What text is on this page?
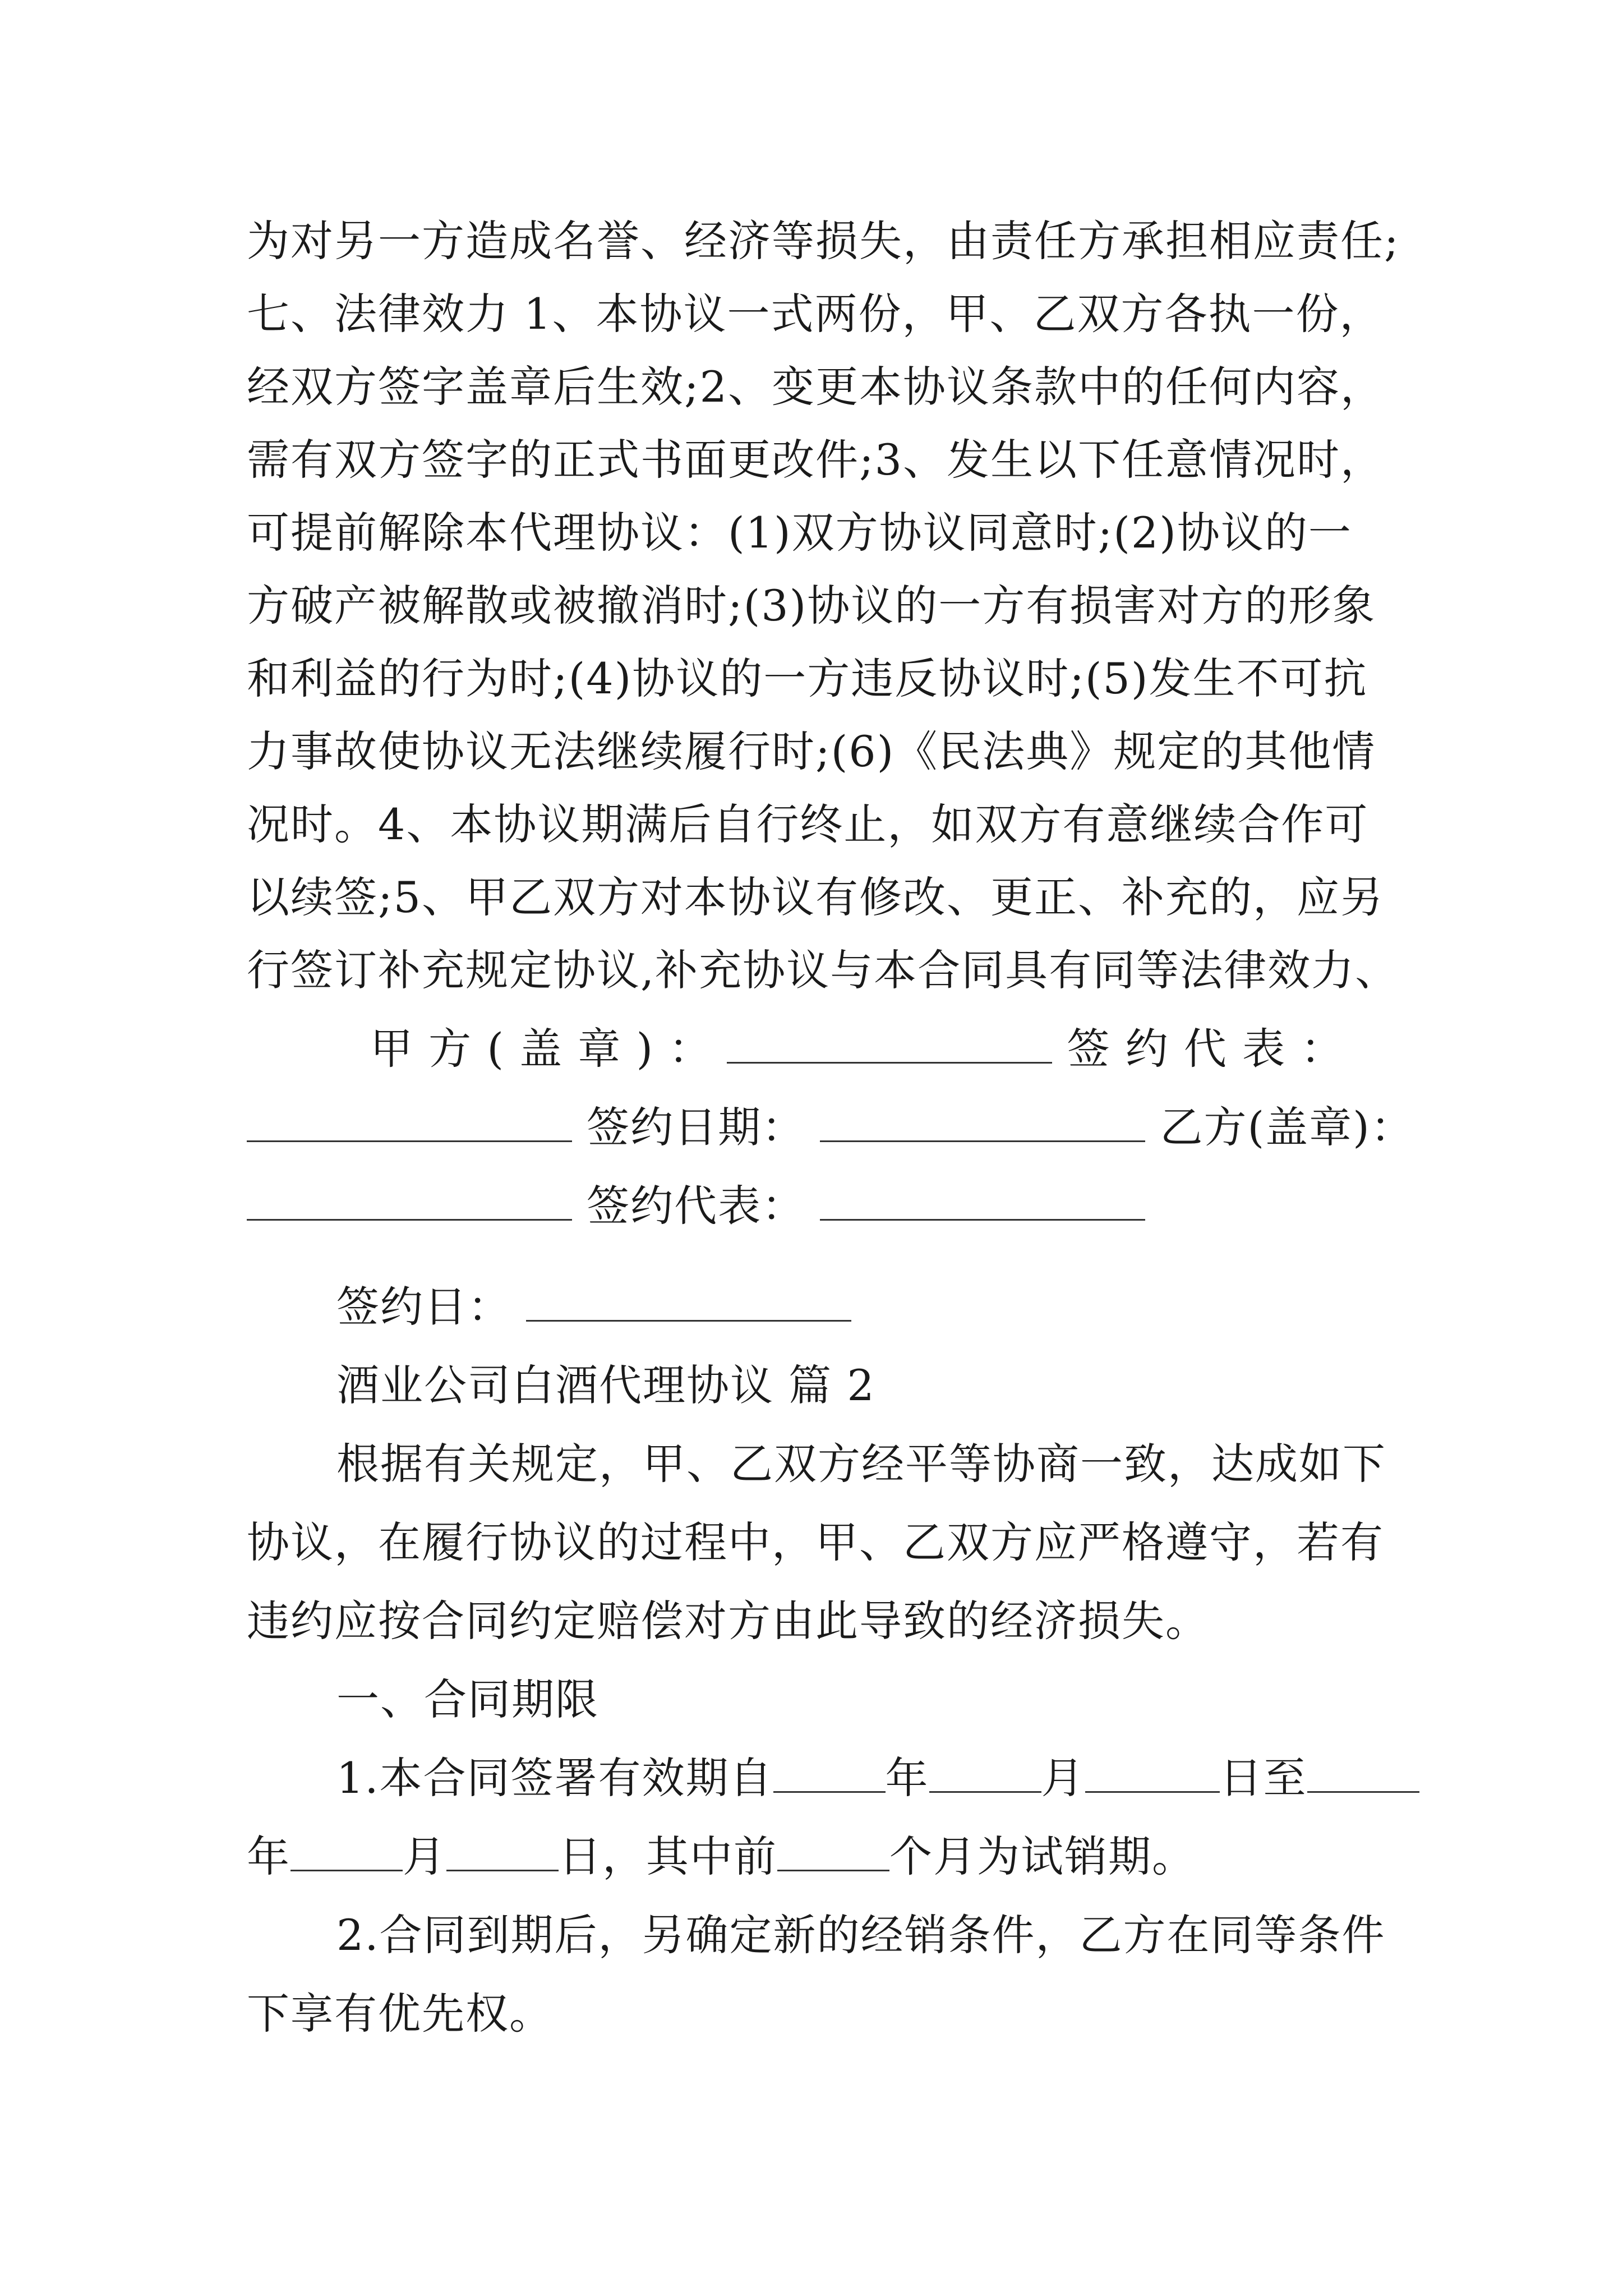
为对另一方造成名誉、经济等损失，由责任方承担相应责任;
七、法律效力 1、本协议一式两份，甲、乙双方各执一份，
经双方签字盖章后生效;2、变更本协议条款中的任何内容，
需有双方签字的正式书面更改件;3、发生以下任意情况时，
可提前解除本代理协议：(1)双方协议同意时;(2)协议的一
方破产被解散或被撤消时;(3)协议的一方有损害对方的形象
和利益的行为时;(4)协议的一方违反协议时;(5)发生不可抗
力事故使协议无法继续履行时;(6)《民法典》规定的其他情
况时。4、本协议期满后自行终止，如双方有意继续合作可
以续签;5、甲乙双方对本协议有修改、更正、补充的，应另
行签订补充规定协议,补充协议与本合同具有同等法律效力、
甲 方 ( 盖 章 ) ：	签 约 代 表 ：
签约日期：	乙方(盖章)：
签约代表：
签约日：
酒业公司白酒代理协议 篇 2
根据有关规定，甲、乙双方经平等协商一致，达成如下
协议，在履行协议的过程中，甲、乙双方应严格遵守，若有
违约应按合同约定赔偿对方由此导致的经济损失。
一、合同期限
1.本合同签署有效期自	年	月	日至
年	月	日，其中前	个月为试销期。
2.合同到期后，另确定新的经销条件，乙方在同等条件
下享有优先权。
